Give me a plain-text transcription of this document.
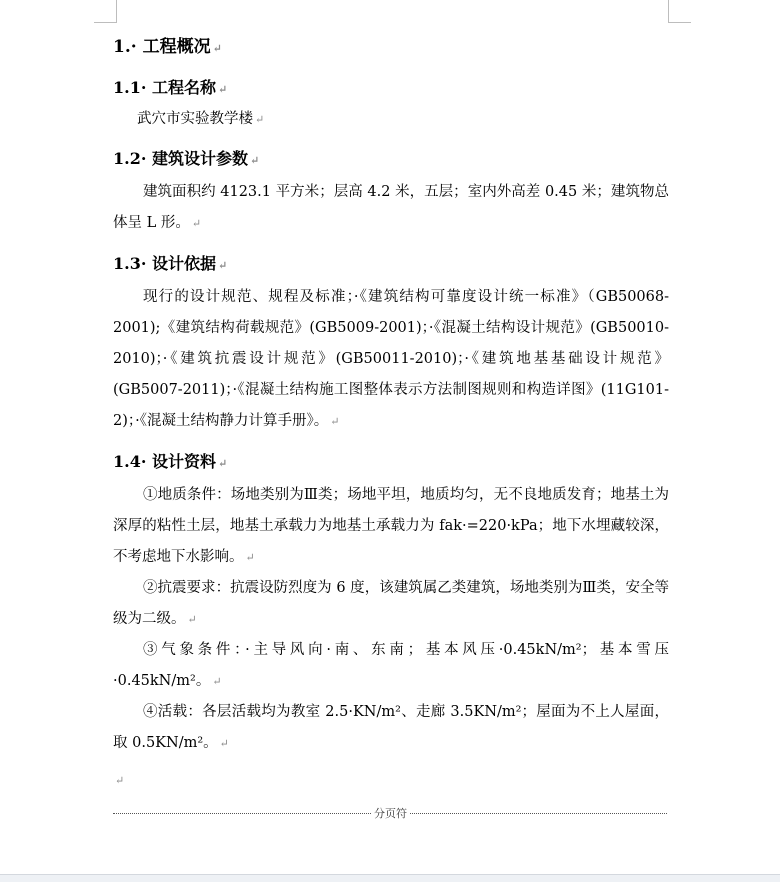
1.· 工程概况 ↵
1.1· 工程名称 ↵
武穴市实验教学楼 ↵
1.2· 建筑设计参数 ↵
建筑面积约 4123.1 平方米；层高 4.2 米，五层；室内外高差 0.45 米；建筑物总体呈 L 形。 ↵
1.3· 设计依据 ↵
现行的设计规范、规程及标准；·《建筑结构可靠度设计统一标准》（GB50068-2001);《建筑结构荷载规范》(GB5009-2001)；·《混凝土结构设计规范》(GB50010-2010)；·《建筑抗震设计规范》(GB50011-2010)；·《建筑地基基础设计规范》(GB5007-2011)；·《混凝土结构施工图整体表示方法制图规则和构造详图》(11G101-2)；·《混凝土结构静力计算手册》。 ↵
1.4· 设计资料 ↵
①地质条件：场地类别为Ⅲ类；场地平坦，地质均匀，无不良地质发育；地基土为深厚的粘性土层，地基土承载力为地基土承载力为 fak·=220·kPa；地下水埋藏较深，不考虑地下水影响。 ↵
②抗震要求：抗震设防烈度为 6 度，该建筑属乙类建筑，场地类别为Ⅲ类，安全等级为二级。 ↵
③气象条件：·主导风向·南、东南；基本风压·0.45kN/m²；基本雪压·0.45kN/m²。 ↵
④活载：各层活载均为教室 2.5·KN/m²、走廊 3.5KN/m²；屋面为不上人屋面，取 0.5KN/m²。 ↵
↵
分页符
